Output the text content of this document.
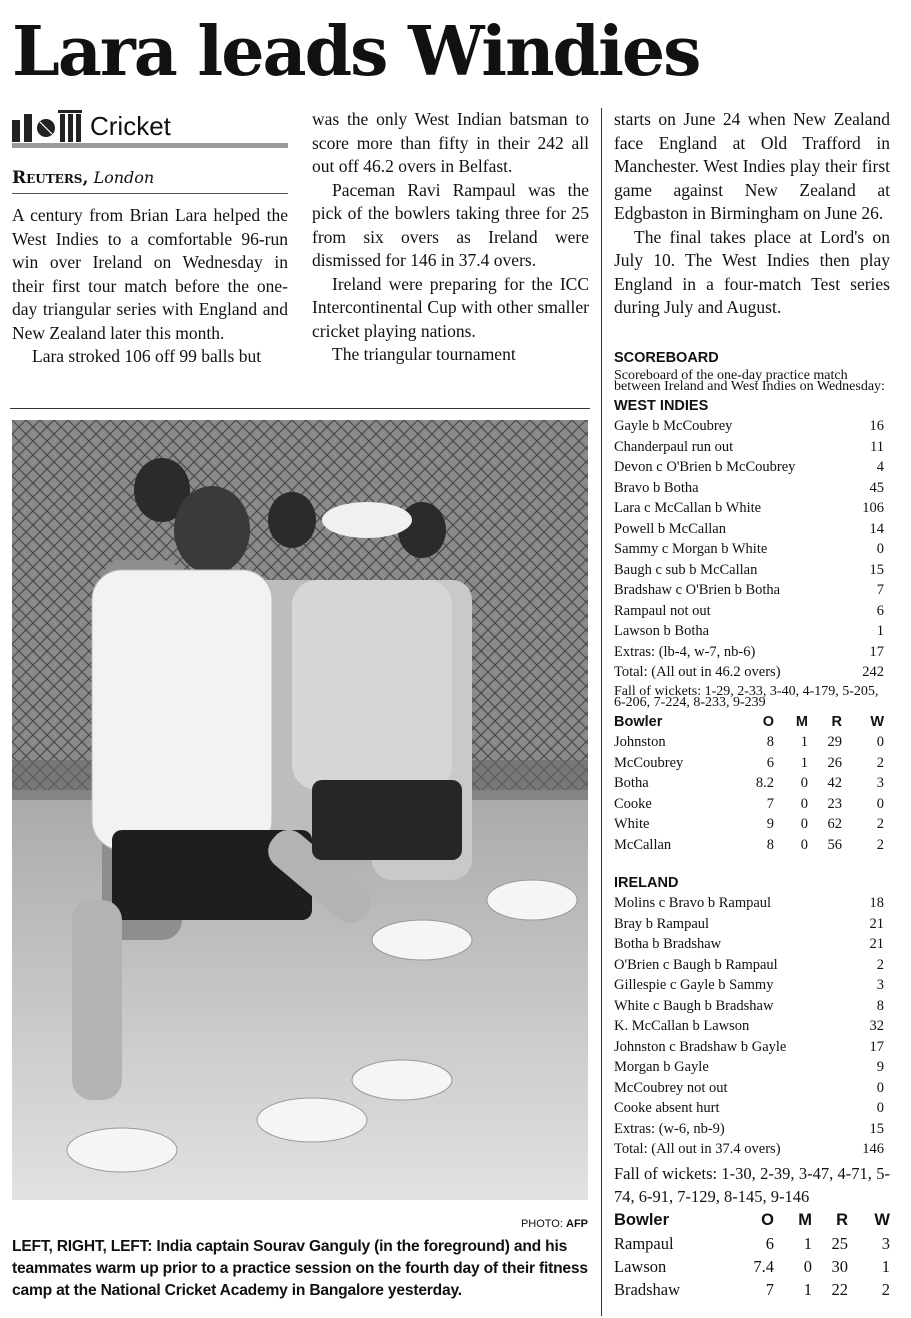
Lara leads Windies
Cricket
Reuters, London

A century from Brian Lara helped the West Indies to a comfortable 96-run win over Ireland on Wednesday in their first tour match before the one-day triangular series with England and New Zealand later this month.

Lara stroked 106 off 99 balls but

was the only West Indian batsman to score more than fifty in their 242 all out off 46.2 overs in Belfast.

Paceman Ravi Rampaul was the pick of the bowlers taking three for 25 from six overs as Ireland were dismissed for 146 in 37.4 overs.

Ireland were preparing for the ICC Intercontinental Cup with other smaller cricket playing nations.

The triangular tournament

starts on June 24 when New Zealand face England at Old Trafford in Manchester. West Indies play their first game against New Zealand at Edgbaston in Birmingham on June 26.

The final takes place at Lord's on July 10. The West Indies then play England in a four-match Test series during July and August.

PHOTO: AFP
LEFT, RIGHT, LEFT: India captain Sourav Ganguly (in the foreground) and his teammates warm up prior to a practice session on the fourth day of their fitness camp at the National Cricket Academy in Bangalore yesterday.
SCOREBOARD
Scoreboard of the one-day practice match between Ireland and West Indies on Wednesday:
WEST INDIES
Gayle b McCoubrey	16
Chanderpaul run out	11
Devon c O'Brien b McCoubrey	4
Bravo b Botha	45
Lara c McCallan b White	106
Powell b McCallan	14
Sammy c Morgan b White	0
Baugh c sub b McCallan	15
Bradshaw c O'Brien b Botha	7
Rampaul not out	6
Lawson b Botha	1
Extras: (lb-4, w-7, nb-6)	17
Total: (All out in 46.2 overs)	242
Fall of wickets: 1-29, 2-33, 3-40, 4-179, 5-205, 6-206, 7-224, 8-233, 9-239
Bowler	O	M	R	W
Johnston	8	1	29	0
McCoubrey	6	1	26	2
Botha	8.2	0	42	3
Cooke	7	0	23	0
White	9	0	62	2
McCallan	8	0	56	2
IRELAND
Molins c Bravo b Rampaul	18
Bray b Rampaul	21
Botha b Bradshaw	21
O'Brien c Baugh b Rampaul	2
Gillespie c Gayle b Sammy	3
White c Baugh b Bradshaw	8
K. McCallan b Lawson	32
Johnston c Bradshaw b Gayle	17
Morgan b Gayle	9
McCoubrey not out	0
Cooke absent hurt	0
Extras: (w-6, nb-9)	15
Total: (All out in 37.4 overs)	146
Fall of wickets: 1-30, 2-39, 3-47, 4-71, 5-74, 6-91, 7-129, 8-145, 9-146
Bowler	O	M	R	W
Rampaul	6	1	25	3
Lawson	7.4	0	30	1
Bradshaw	7	1	22	2
